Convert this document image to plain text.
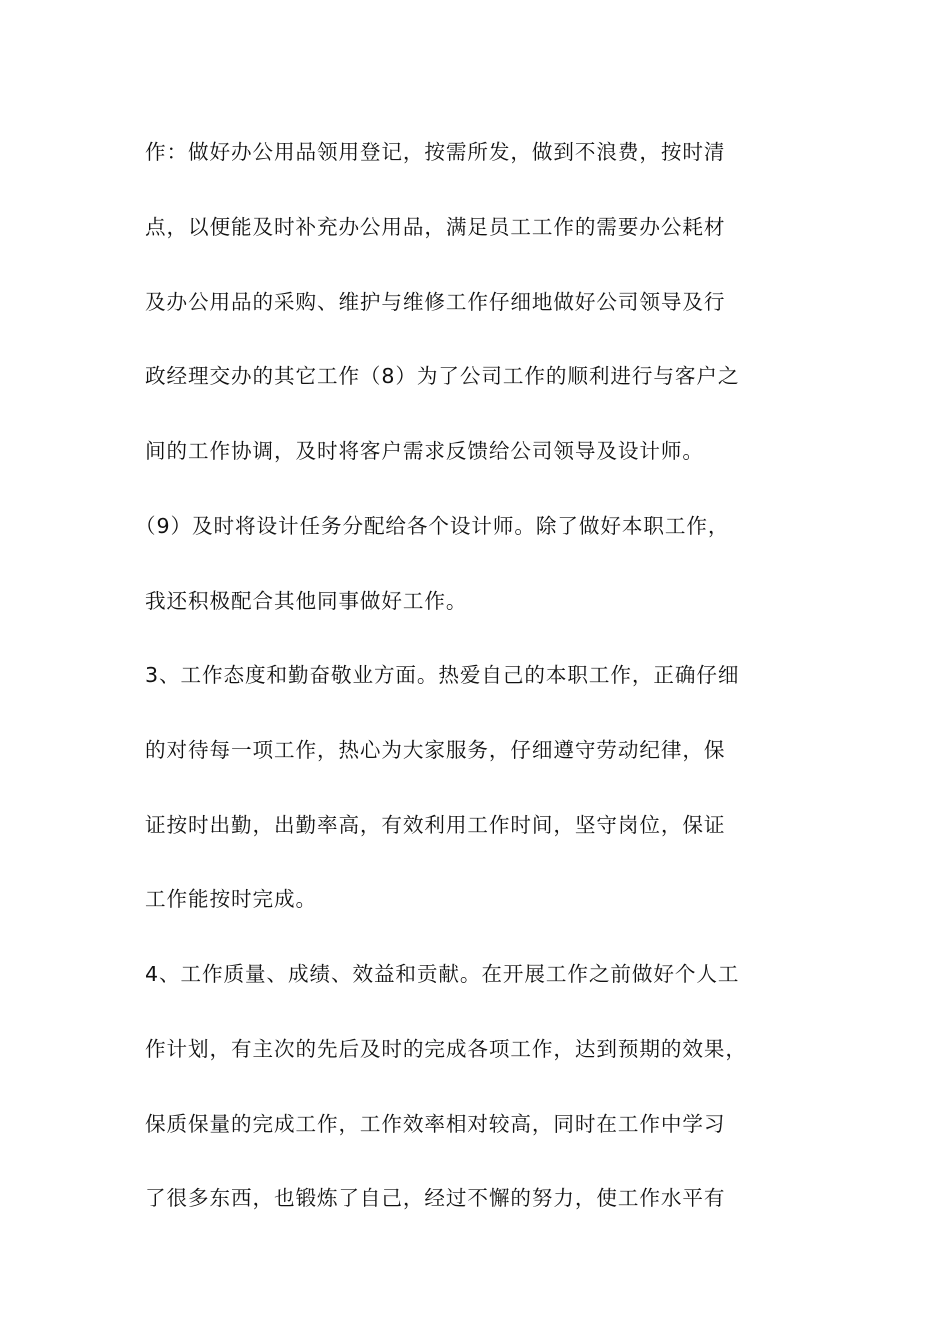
作：做好办公用品领用登记，按需所发，做到不浪费，按时清
点，以便能及时补充办公用品，满足员工工作的需要办公耗材
及办公用品的采购、维护与维修工作仔细地做好公司领导及行
政经理交办的其它工作（8）为了公司工作的顺利进行与客户之
间的工作协调，及时将客户需求反馈给公司领导及设计师。
（9）及时将设计任务分配给各个设计师。除了做好本职工作，
我还积极配合其他同事做好工作。
3、工作态度和勤奋敬业方面。热爱自己的本职工作，正确仔细
的对待每一项工作，热心为大家服务，仔细遵守劳动纪律，保
证按时出勤，出勤率高，有效利用工作时间，坚守岗位，保证
工作能按时完成。
4、工作质量、成绩、效益和贡献。在开展工作之前做好个人工
作计划，有主次的先后及时的完成各项工作，达到预期的效果，
保质保量的完成工作，工作效率相对较高，同时在工作中学习
了很多东西，也锻炼了自己，经过不懈的努力，使工作水平有
